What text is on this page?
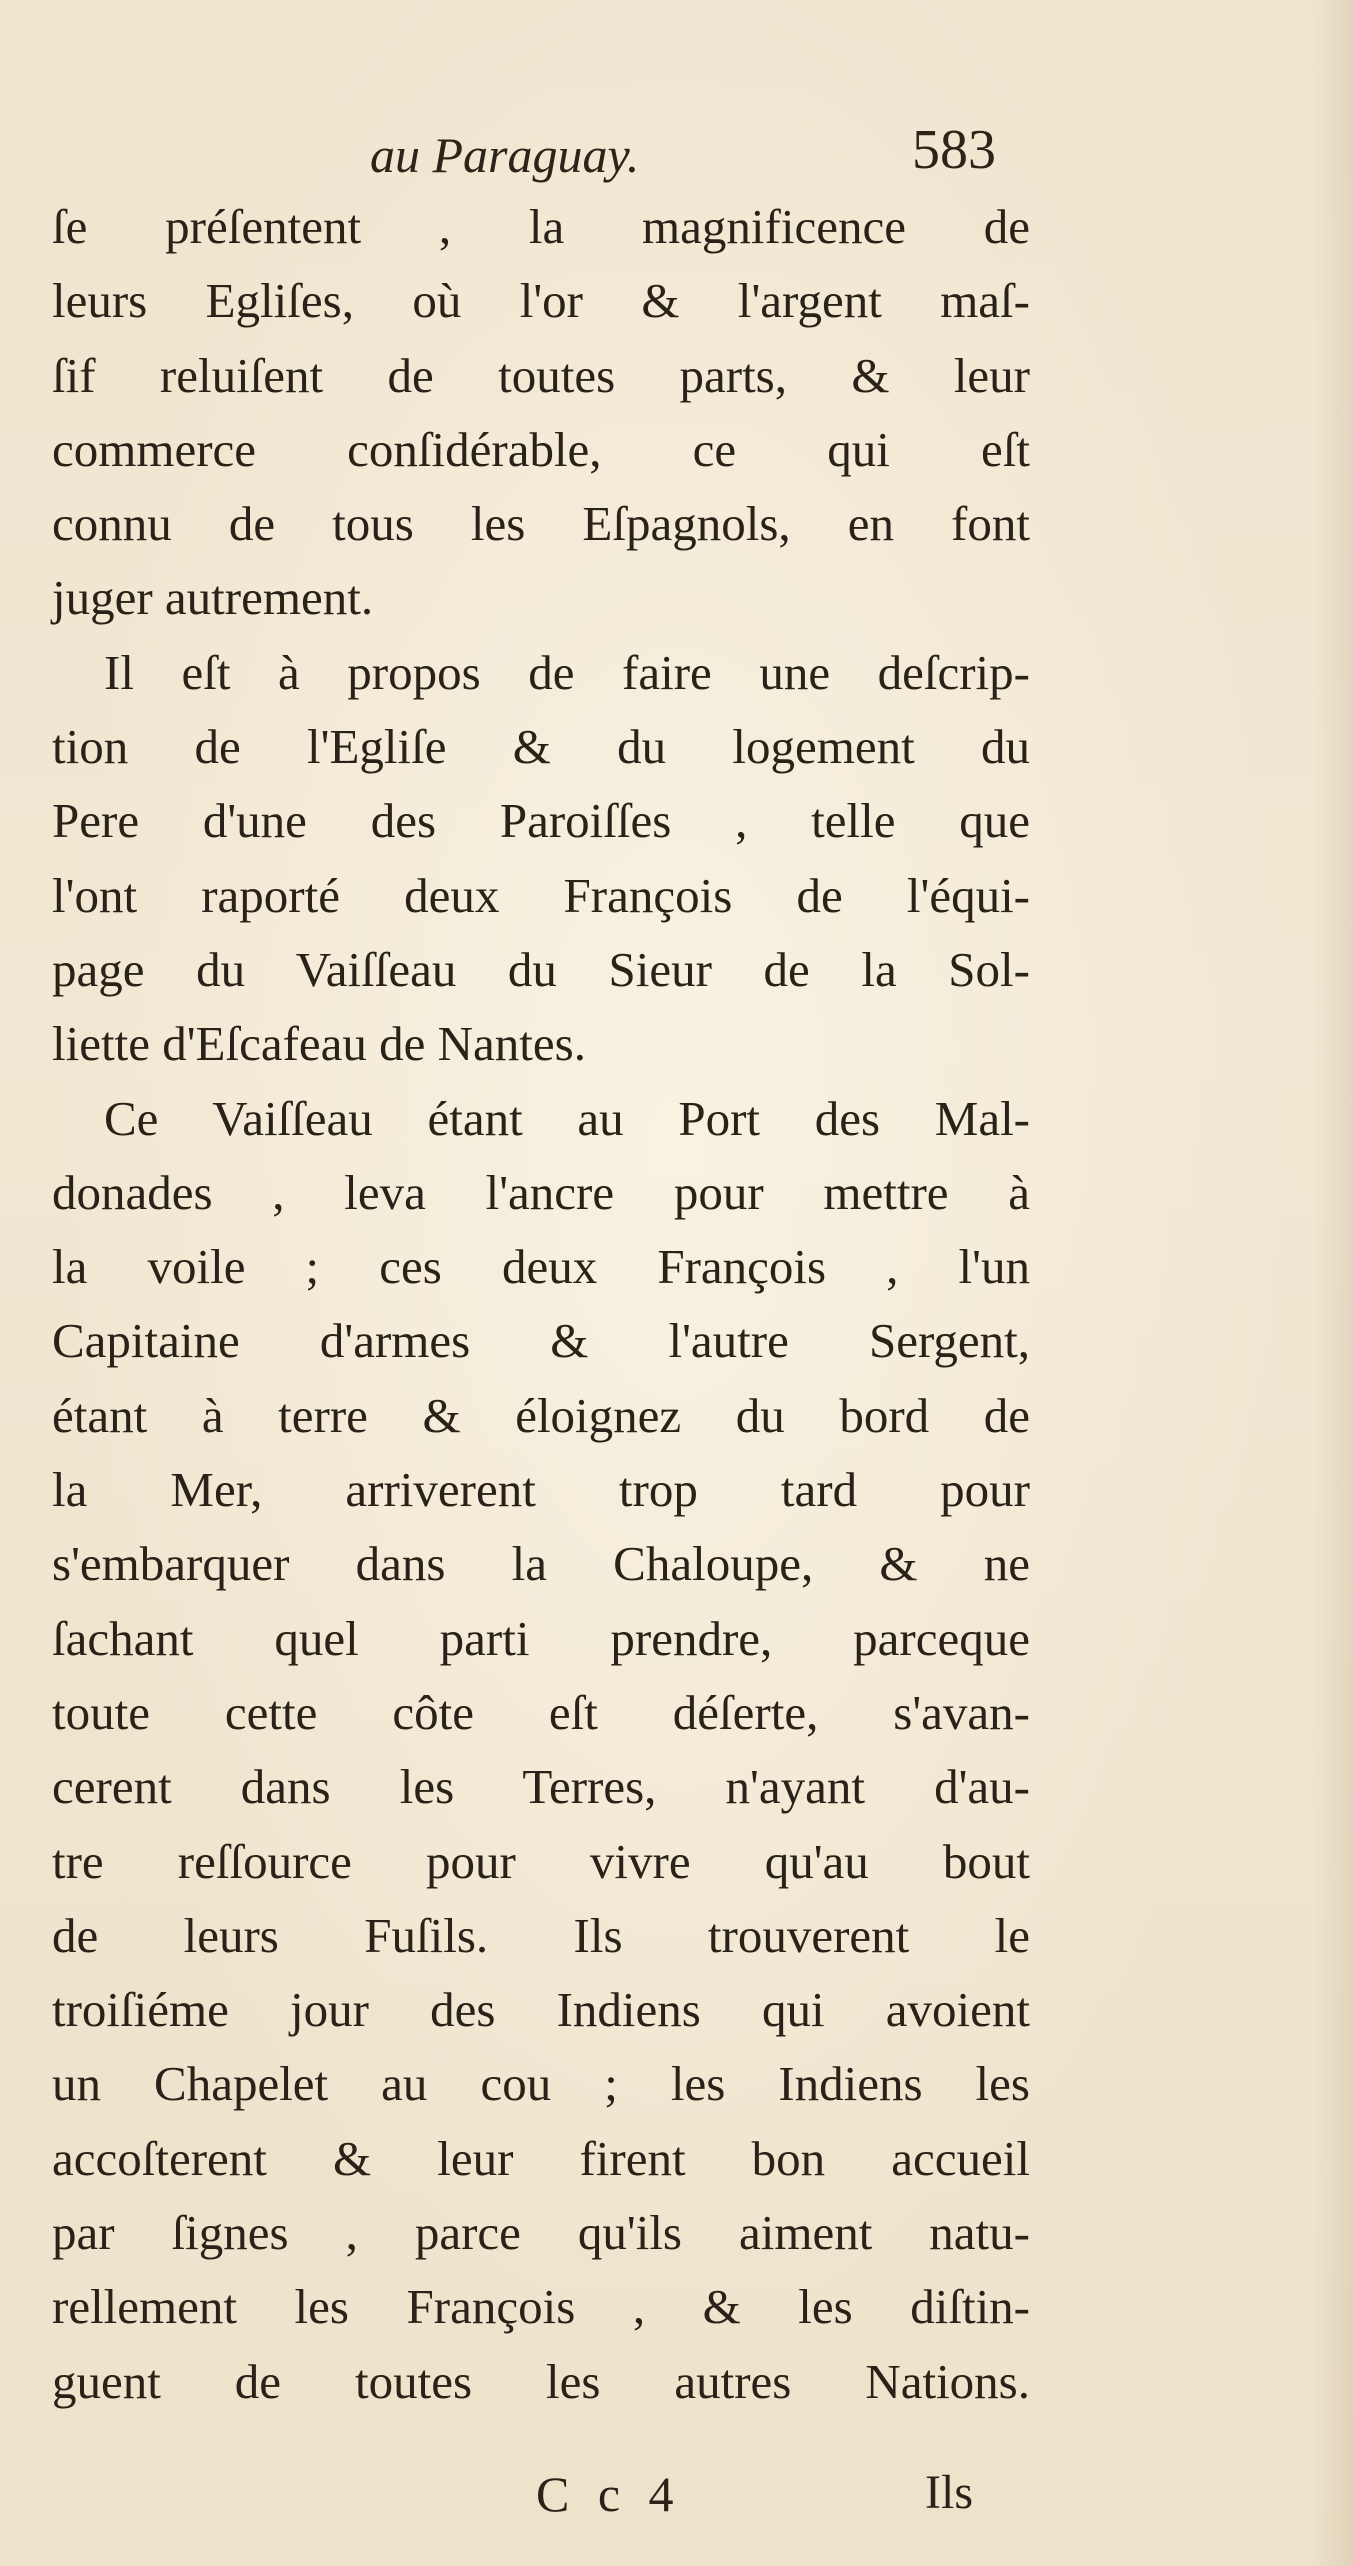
au Paraguay.	583
ſe préſentent , la magnificence de
leurs Egliſes, où l'or & l'argent maſ-
ſif reluiſent de toutes parts, & leur
commerce conſidérable, ce qui eſt
connu de tous les Eſpagnols, en font
juger autrement.
Il eſt à propos de faire une deſcrip-
tion de l'Egliſe & du logement du
Pere d'une des Paroiſſes , telle que
l'ont raporté deux François de l'équi-
page du Vaiſſeau du Sieur de la Sol-
liette d'Eſcafeau de Nantes.
Ce Vaiſſeau étant au Port des Mal-
donades , leva l'ancre pour mettre à
la voile ; ces deux François , l'un
Capitaine d'armes & l'autre Sergent,
étant à terre & éloignez du bord de
la Mer, arriverent trop tard pour
s'embarquer dans la Chaloupe, & ne
ſachant quel parti prendre, parceque
toute cette côte eſt déſerte, s'avan-
cerent dans les Terres, n'ayant d'au-
tre reſſource pour vivre qu'au bout
de leurs Fuſils. Ils trouverent le
troiſiéme jour des Indiens qui avoient
un Chapelet au cou ; les Indiens les
accoſterent & leur firent bon accueil
par ſignes , parce qu'ils aiment natu-
rellement les François , & les diſtin-
guent de toutes les autres Nations.
C c 4	Ils
